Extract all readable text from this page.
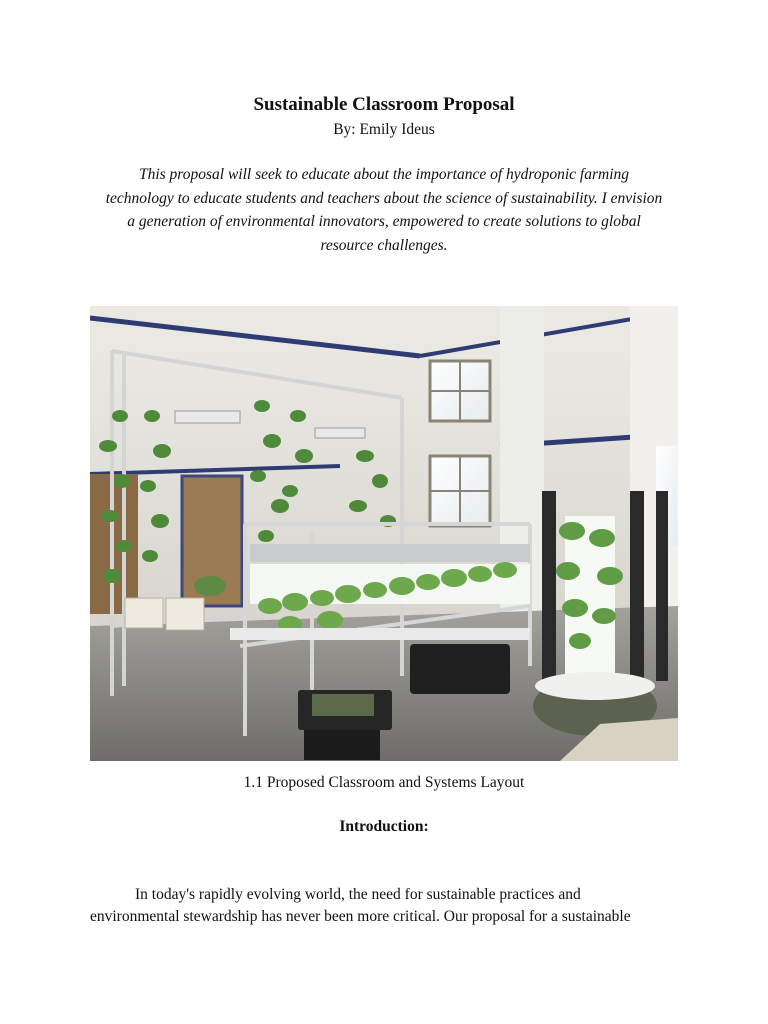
Sustainable Classroom Proposal
By: Emily Ideus
This proposal will seek to educate about the importance of hydroponic farming
technology to educate students and teachers about the science of sustainability. I envision
a generation of environmental innovators, empowered to create solutions to global
resource challenges.
1.1 Proposed Classroom and Systems Layout
Introduction:
In today's rapidly evolving world, the need for sustainable practices and
environmental stewardship has never been more critical. Our proposal for a sustainable
